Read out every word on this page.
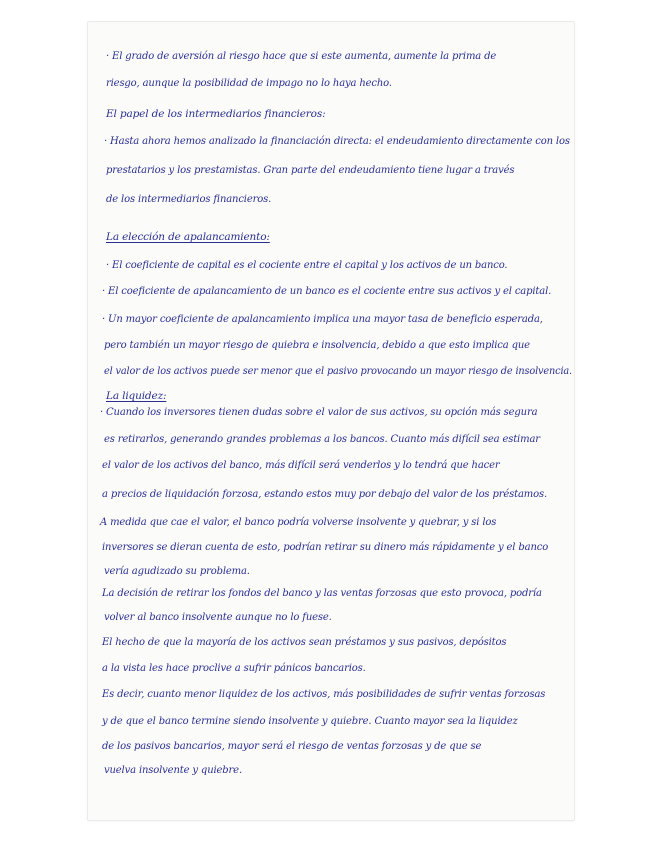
· El grado de aversión al riesgo hace que si este aumenta, aumente la prima de
riesgo, aunque la posibilidad de impago no lo haya hecho.
El papel de los intermediarios financieros:
· Hasta ahora hemos analizado la financiación directa: el endeudamiento directamente con los
prestatarios y los prestamistas. Gran parte del endeudamiento tiene lugar a través
de los intermediarios financieros.
La elección de apalancamiento:
· El coeficiente de capital es el cociente entre el capital y los activos de un banco.
· El coeficiente de apalancamiento de un banco es el cociente entre sus activos y el capital.
· Un mayor coeficiente de apalancamiento implica una mayor tasa de beneficio esperada,
pero también un mayor riesgo de quiebra e insolvencia, debido a que esto implica que
el valor de los activos puede ser menor que el pasivo provocando un mayor riesgo de insolvencia.
La liquidez:
· Cuando los inversores tienen dudas sobre el valor de sus activos, su opción más segura
es retirarlos, generando grandes problemas a los bancos. Cuanto más difícil sea estimar
el valor de los activos del banco, más difícil será venderlos y lo tendrá que hacer
a precios de liquidación forzosa, estando estos muy por debajo del valor de los préstamos.
A medida que cae el valor, el banco podría volverse insolvente y quebrar, y si los
inversores se dieran cuenta de esto, podrían retirar su dinero más rápidamente y el banco
vería agudizado su problema.
La decisión de retirar los fondos del banco y las ventas forzosas que esto provoca, podría
volver al banco insolvente aunque no lo fuese.
El hecho de que la mayoría de los activos sean préstamos y sus pasivos, depósitos
a la vista les hace proclive a sufrir pánicos bancarios.
Es decir, cuanto menor liquidez de los activos, más posibilidades de sufrir ventas forzosas
y de que el banco termine siendo insolvente y quiebre. Cuanto mayor sea la liquidez
de los pasivos bancarios, mayor será el riesgo de ventas forzosas y de que se
vuelva insolvente y quiebre.
